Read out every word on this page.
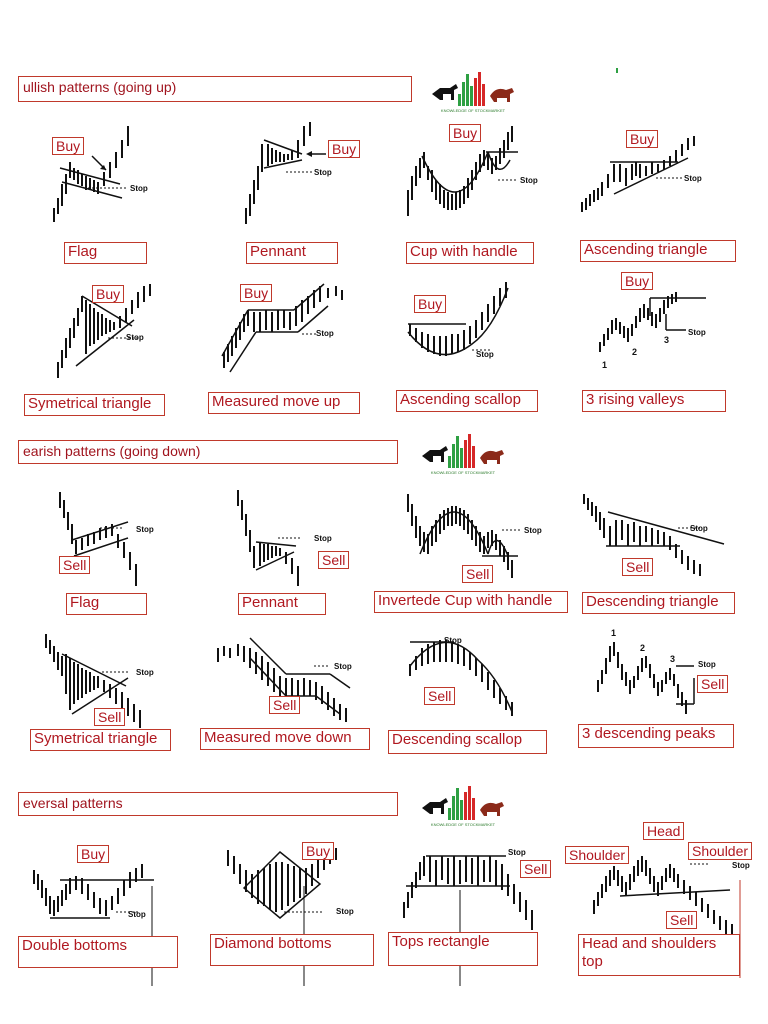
ullish patterns (going up)
earish patterns (going down)
eversal patterns
KNOWLEDGE OF STOCKMARKET
KNOWLEDGE OF STOCKMARKET
KNOWLEDGE OF STOCKMARKET
Buy	Buy
Buy	Buy
Buy	Buy
Buy
Buy
Sell	Sell
Sell	Sell
Sell
Sell
Sell
Sell
Buy	Buy
Sell
Sell
Head
Shoulder	Shoulder
Stop
Stop
Stop	Stop
Stop	Stop
Stop
Stop
Stop
Stop
Stop	Stop
Stop
Stop
Stop
Stop
Stop	Stop
Stop
Stop
1
2
3
1
2
3
Flag	Pennant	Cup with handle	Ascending triangle
Symetrical triangle	Measured move up	Ascending scallop	3 rising valleys
Flag	Pennant	Invertede Cup with handle	Descending triangle
Symetrical triangle	Measured move down	Descending scallop	3 descending peaks
Double bottoms	Diamond bottoms	Tops rectangle	Head and shoulders top
